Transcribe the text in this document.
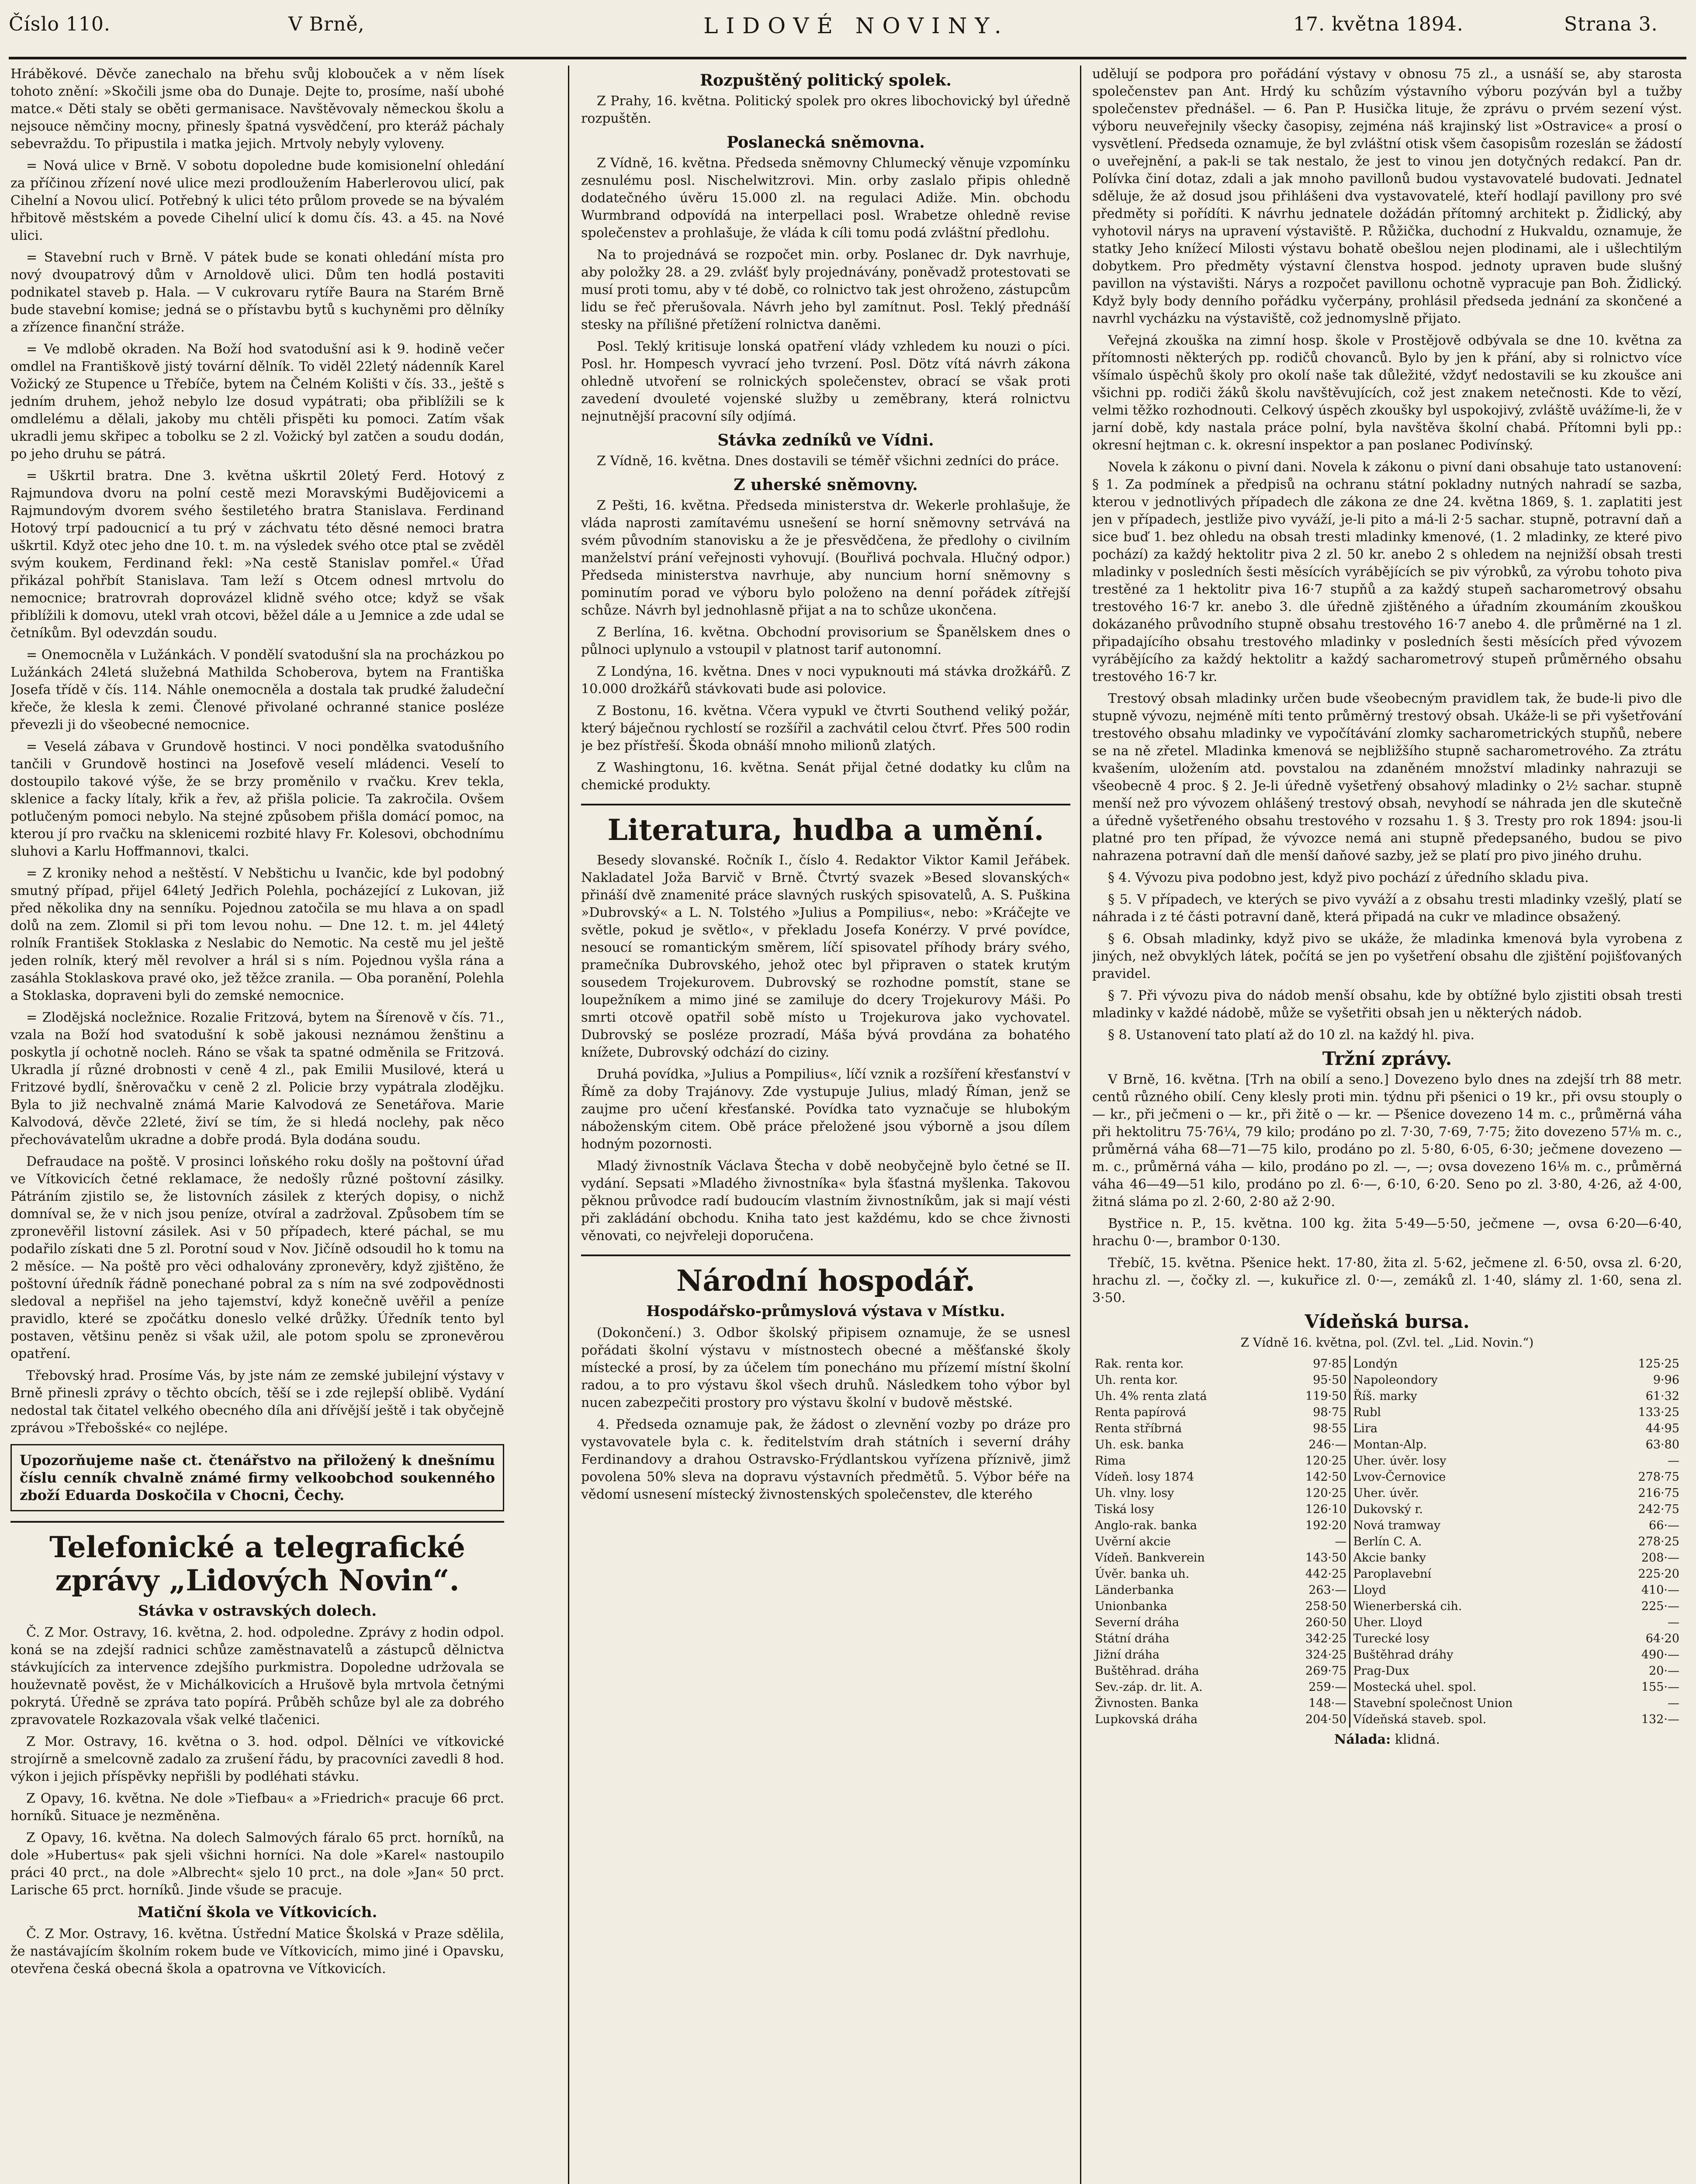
Číslo 110.	V Brně,	LIDOVÉ NOVINY.	17. května 1894.	Strana 3.

Hráběkové. Děvče zanechalo na břehu svůj klobouček a v něm lísek tohoto znění: »Skočili jsme oba do Dunaje. Dejte to, prosíme, naší ubohé matce.« Děti staly se oběti germanisace. Navštěvovaly německou školu a nejsouce němčiny mocny, přinesly špatná vysvědčení, pro kteráž páchaly sebevraždu. To připustila i matka jejich. Mrtvoly nebyly vyloveny.

= Nová ulice v Brně. V sobotu dopoledne bude komisionelní ohledání za příčinou zřízení nové ulice mezi prodloužením Haberlerovou ulicí, pak Cihelní a Novou ulicí. Potřebný k ulici této průlom provede se na bývalém hřbitově městském a povede Cihelní ulicí k domu čís. 43. a 45. na Nové ulici.

= Stavební ruch v Brně. V pátek bude se konati ohledání místa pro nový dvoupatrový dům v Arnoldově ulici. Dům ten hodlá postaviti podnikatel staveb p. Hala. — V cukrovaru rytíře Baura na Starém Brně bude stavební komise; jedná se o přístavbu bytů s kuchyněmi pro dělníky a zřízence finanční stráže.

= Ve mdlobě okraden. Na Boží hod svatodušní asi k 9. hodině večer omdlel na Františkově jistý tovární dělník. To viděl 22letý nádenník Karel Vožický ze Stupence u Třebíče, bytem na Čelném Kolišti v čís. 33., ještě s jedním druhem, jehož nebylo lze dosud vypátrati; oba přiblížili se k omdlelému a dělali, jakoby mu chtěli přispěti ku pomoci. Zatím však ukradli jemu skřipec a tobolku se 2 zl. Vožický byl zatčen a soudu dodán, po jeho druhu se pátrá.

= Uškrtil bratra. Dne 3. května uškrtil 20letý Ferd. Hotový z Rajmundova dvoru na polní cestě mezi Moravskými Budějovicemi a Rajmundovým dvorem svého šestiletého bratra Stanislava. Ferdinand Hotový trpí padoucnicí a tu prý v záchvatu této děsné nemoci bratra uškrtil. Když otec jeho dne 10. t. m. na výsledek svého otce ptal se zvěděl svým koukem, Ferdinand řekl: »Na cestě Stanislav pomřel.« Úřad přikázal pohřbít Stanislava. Tam leží s Otcem odnesl mrtvolu do nemocnice; bratrovrah doprovázel klidně svého otce; když se však přiblížili k domovu, utekl vrah otcovi, běžel dále a u Jemnice a zde udal se četníkům. Byl odevzdán soudu.

= Onemocněla v Lužánkách. V pondělí svatodušní sla na procházkou po Lužánkách 24letá služebná Mathilda Schoberova, bytem na Františka Josefa třídě v čís. 114. Náhle onemocněla a dostala tak prudké žaludeční křeče, že klesla k zemi. Členové přivolané ochranné stanice posléze převezli ji do všeobecné nemocnice.

= Veselá zábava v Grundově hostinci. V noci pondělka svatodušního tančili v Grundově hostinci na Josefově veselí mládenci. Veselí to dostoupilo takové výše, že se brzy proměnilo v rvačku. Krev tekla, sklenice a facky lítaly, křik a řev, až přišla policie. Ta zakročila. Ovšem potlučeným pomoci nebylo. Na stejné způsobem přišla domácí pomoc, na kterou jí pro rvačku na sklenicemi rozbité hlavy Fr. Kolesovi, obchodnímu sluhovi a Karlu Hoffmannovi, tkalci.

= Z kroniky nehod a neštěstí. V Nebštichu u Ivančic, kde byl podobný smutný případ, přijel 64letý Jedřich Polehla, pocházející z Lukovan, již před několika dny na senníku. Pojednou zatočila se mu hlava a on spadl dolů na zem. Zlomil si při tom levou nohu. — Dne 12. t. m. jel 44letý rolník František Stoklaska z Neslabic do Nemotic. Na cestě mu jel ještě jeden rolník, který měl revolver a hrál si s ním. Pojednou vyšla rána a zasáhla Stoklaskova pravé oko, jež těžce zranila. — Oba poranění, Polehla a Stoklaska, dopraveni byli do zemské nemocnice.

= Zlodějská nocležnice. Rozalie Fritzová, bytem na Šírenově v čís. 71., vzala na Boží hod svatodušní k sobě jakousi neznámou ženštinu a poskytla jí ochotně nocleh. Ráno se však ta spatné odměnila se Fritzová. Ukradla jí různé drobnosti v ceně 4 zl., pak Emilii Musilové, která u Fritzové bydlí, šněrovačku v ceně 2 zl. Policie brzy vypátrala zlodějku. Byla to již nechvalně známá Marie Kalvodová ze Senetářova. Marie Kalvodová, děvče 22leté, živí se tím, že si hledá noclehy, pak něco přechovávatelům ukradne a dobře prodá. Byla dodána soudu.

Defraudace na poště. V prosinci loňského roku došly na poštovní úřad ve Vítkovicích četné reklamace, že nedošly různé poštovní zásilky. Pátráním zjistilo se, že listovních zásilek z kterých dopisy, o nichž domníval se, že v nich jsou peníze, otvíral a zadržoval. Způsobem tím se zpronevěřil listovní zásilek. Asi v 50 případech, které páchal, se mu podařilo získati dne 5 zl. Porotní soud v Nov. Jičíně odsoudil ho k tomu na 2 měsíce. — Na poště pro věci odhalovány zpronevěry, když zjištěno, že poštovní úředník řádně ponechané pobral za s ním na své zodpovědnosti sledoval a nepřišel na jeho tajemství, když konečně uvěřil a peníze pravidlo, které se zpočátku doneslo velké drůžky. Úředník tento byl postaven, většinu peněz si však užil, ale potom spolu se zpronevěrou opatření.

Třebovský hrad. Prosíme Vás, by jste nám ze zemské jubilejní výstavy v Brně přinesli zprávy o těchto obcích, těší se i zde rejlepší oblibě. Vydání nedostal tak čitatel velkého obecného díla ani dřívější ještě i tak obyčejně zprávou »Třebošské« co nejlépe.

Upozorňujeme naše ct. čtenářstvo na přiložený k dnešnímu číslu cenník chvalně známé firmy velkoobchod soukenného zboží Eduarda Doskočila v Chocni, Čechy.
Telefonické a telegrafické zprávy „Lidových Novin“.
Stávka v ostravských dolech.

Č. Z Mor. Ostravy, 16. května, 2. hod. odpoledne. Zprávy z hodin odpol. koná se na zdejší radnici schůze zaměstnavatelů a zástupců dělnictva stávkujících za intervence zdejšího purkmistra. Dopoledne udržovala se houževnatě pověst, že v Michálkovicích a Hrušově byla mrtvola četnými pokrytá. Úředně se zpráva tato popírá. Průběh schůze byl ale za dobrého zpravovatele Rozkazovala však velké tlačenici.

Z Mor. Ostravy, 16. května o 3. hod. odpol. Dělníci ve vítkovické strojírně a smelcovně zadalo za zrušení řádu, by pracovníci zavedli 8 hod. výkon i jejich příspěvky nepřišli by podléhati stávku.

Z Opavy, 16. května. Ne dole »Tiefbau« a »Friedrich« pracuje 66 prct. horníků. Situace je nezměněna.

Z Opavy, 16. května. Na dolech Salmových fáralo 65 prct. horníků, na dole »Hubertus« pak sjeli všichni horníci. Na dole »Karel« nastoupilo práci 40 prct., na dole »Albrecht« sjelo 10 prct., na dole »Jan« 50 prct. Larische 65 prct. horníků. Jinde všude se pracuje.

Matiční škola ve Vítkovicích.

Č. Z Mor. Ostravy, 16. května. Ústřední Matice Školská v Praze sdělila, že nastávajícím školním rokem bude ve Vítkovicích, mimo jiné i Opavsku, otevřena česká obecná škola a opatrovna ve Vítkovicích.

Rozpuštěný politický spolek.

Z Prahy, 16. května. Politický spolek pro okres libochovický byl úředně rozpuštěn.

Poslanecká sněmovna.

Z Vídně, 16. května. Předseda sněmovny Chlumecký věnuje vzpomínku zesnulému posl. Nischelwitzrovi. Min. orby zaslalo připis ohledně dodatečného úvěru 15.000 zl. na regulaci Adiže. Min. obchodu Wurmbrand odpovídá na interpellaci posl. Wrabetze ohledně revise společenstev a prohlašuje, že vláda k cíli tomu podá zvláštní předlohu.

Na to projednává se rozpočet min. orby. Poslanec dr. Dyk navrhuje, aby položky 28. a 29. zvlášť byly projednávány, poněvadž protestovati se musí proti tomu, aby v té době, co rolnictvo tak jest ohroženo, zástupcům lidu se řeč přerušovala. Návrh jeho byl zamítnut. Posl. Teklý přednáší stesky na přílišné přetížení rolnictva daněmi.

Posl. Teklý kritisuje lonská opatření vlády vzhledem ku nouzi o píci. Posl. hr. Hompesch vyvrací jeho tvrzení. Posl. Dötz vítá návrh zákona ohledně utvoření se rolnických společenstev, obrací se však proti zavedení dvouleté vojenské služby u zeměbrany, která rolnictvu nejnutnější pracovní síly odjímá.

Stávka zedníků ve Vídni.

Z Vídně, 16. května. Dnes dostavili se téměř všichni zedníci do práce.

Z uherské sněmovny.

Z Pešti, 16. května. Předseda ministerstva dr. Wekerle prohlašuje, že vláda naprosti zamítavému usnešení se horní sněmovny setrvává na svém původním stanovisku a že je přesvědčena, že předlohy o civilním manželství prání veřejnosti vyhovují. (Bouřlivá pochvala. Hlučný odpor.) Předseda ministerstva navrhuje, aby nuncium horní sněmovny s pominutím porad ve výboru bylo položeno na denní pořádek zítřejší schůze. Návrh byl jednohlasně přijat a na to schůze ukončena.

Z Berlína, 16. května. Obchodní provisorium se Španělskem dnes o půlnoci uplynulo a vstoupil v platnost tarif autonomní.

Z Londýna, 16. května. Dnes v noci vypuknouti má stávka drožkářů. Z 10.000 drožkářů stávkovati bude asi polovice.

Z Bostonu, 16. května. Včera vypukl ve čtvrti Southend veliký požár, který báječnou rychlostí se rozšířil a zachvátil celou čtvrť. Přes 500 rodin je bez přístřeší. Škoda obnáší mnoho milionů zlatých.

Z Washingtonu, 16. května. Senát přijal četné dodatky ku clům na chemické produkty.

Literatura, hudba a umění.

Besedy slovanské. Ročník I., číslo 4. Redaktor Viktor Kamil Jeřábek. Nakladatel Joža Barvič v Brně. Čtvrtý svazek »Besed slovanských« přináší dvě znamenité práce slavných ruských spisovatelů, A. S. Puškina »Dubrovský« a L. N. Tolstého »Julius a Pompilius«, nebo: »Kráčejte ve světle, pokud je světlo«, v překladu Josefa Konérzy. V prvé povídce, nesoucí se romantickým směrem, líčí spisovatel příhody bráry svého, pramečníka Dubrovského, jehož otec byl připraven o statek krutým sousedem Trojekurovem. Dubrovský se rozhodne pomstít, stane se loupežníkem a mimo jiné se zamiluje do dcery Trojekurovy Máši. Po smrti otcově opatřil sobě místo u Trojekurova jako vychovatel. Dubrovský se posléze prozradí, Máša bývá provdána za bohatého knížete, Dubrovský odchází do ciziny.

Druhá povídka, »Julius a Pompilius«, líčí vznik a rozšíření křesťanství v Římě za doby Trajánovy. Zde vystupuje Julius, mladý Říman, jenž se zaujme pro učení křesťanské. Povídka tato vyznačuje se hlubokým náboženským citem. Obě práce přeložené jsou výborně a jsou dílem hodným pozornosti.

Mladý živnostník Václava Štecha v době neobyčejně bylo četné se II. vydání. Sepsati »Mladého živnostníka« byla šťastná myšlenka. Takovou pěknou průvodce radí budoucím vlastním živnostníkům, jak si mají vésti při zakládání obchodu. Kniha tato jest každému, kdo se chce živnosti věnovati, co nejvřeleji doporučena.

Národní hospodář.
Hospodářsko-průmyslová výstava v Místku.

(Dokončení.) 3. Odbor školský připisem oznamuje, že se usnesl pořádati školní výstavu v místnostech obecné a měšťanské školy místecké a prosí, by za účelem tím ponecháno mu přízemí místní školní radou, a to pro výstavu škol všech druhů. Následkem toho výbor byl nucen zabezpečiti prostory pro výstavu školní v budově městské.

4. Předseda oznamuje pak, že žádost o zlevnění vozby po dráze pro vystavovatele byla c. k. ředitelstvím drah státních i severní dráhy Ferdinandovy a drahou Ostravsko-Frýdlantskou vyřízena příznivě, jimž povolena 50% sleva na dopravu výstavních předmětů. 5. Výbor béře na vědomí usnesení místecký živnostenských společenstev, dle kterého

udělují se podpora pro pořádání výstavy v obnosu 75 zl., a usnáší se, aby starosta společenstev pan Ant. Hrdý ku schůzím výstavního výboru pozýván byl a tužby společenstev přednášel. — 6. Pan P. Husička lituje, že zprávu o prvém sezení výst. výboru neuveřejnily všecky časopisy, zejména náš krajinský list »Ostravice« a prosí o vysvětlení. Předseda oznamuje, že byl zvláštní otisk všem časopisům rozeslán se žádostí o uveřejnění, a pak-li se tak nestalo, že jest to vinou jen dotyčných redakcí. Pan dr. Polívka činí dotaz, zdali a jak mnoho pavillonů budou vystavovatelé budovati. Jednatel sděluje, že až dosud jsou přihlášeni dva vystavovatelé, kteří hodlají pavillony pro své předměty si pořídíti. K návrhu jednatele dožádán přítomný architekt p. Židlický, aby vyhotovil nárys na upravení výstaviště. P. Růžička, duchodní z Hukvaldu, oznamuje, že statky Jeho knížecí Milosti výstavu bohatě obešlou nejen plodinami, ale i ušlechtilým dobytkem. Pro předměty výstavní členstva hospod. jednoty upraven bude slušný pavillon na výstavišti. Nárys a rozpočet pavillonu ochotně vypracuje pan Boh. Židlický. Když byly body denního pořádku vyčerpány, prohlásil předseda jednání za skončené a navrhl vycházku na výstaviště, což jednomyslně přijato.

Veřejná zkouška na zimní hosp. škole v Prostějově odbývala se dne 10. května za přítomnosti některých pp. rodičů chovanců. Bylo by jen k přání, aby si rolnictvo více všímalo úspěchů školy pro okolí naše tak důležité, vždyť nedostavili se ku zkoušce ani všichni pp. rodiči žáků školu navštěvujících, což jest znakem netečnosti. Kde to vězí, velmi těžko rozhodnouti. Celkový úspěch zkoušky byl uspokojivý, zvláště uvážíme-li, že v jarní době, kdy nastala práce polní, byla navštěva školní chabá. Přítomni byli pp.: okresní hejtman c. k. okresní inspektor a pan poslanec Podivínský.

Novela k zákonu o pivní dani. Novela k zákonu o pivní dani obsahuje tato ustanovení: § 1. Za podmínek a předpisů na ochranu státní pokladny nutných nahradí se sazba, kterou v jednotlivých případech dle zákona ze dne 24. května 1869, §. 1. zaplatiti jest jen v případech, jestliže pivo vyváží, je-li pito a má-li 2·5 sachar. stupně, potravní daň a sice buď 1. bez ohledu na obsah tresti mladinky kmenové, (1. 2 mladinky, ze které pivo pochází) za každý hektolitr piva 2 zl. 50 kr. anebo 2 s ohledem na nejnižší obsah tresti mladinky v posledních šesti měsících vyrábějících se piv výrobků, za výrobu tohoto piva trestěné za 1 hektolitr piva 16·7 stupňů a za každý stupeň sacharometrový obsahu trestového 16·7 kr. anebo 3. dle úředně zjištěného a úřadním zkoumáním zkouškou dokázaného průvodního stupně obsahu trestového 16·7 anebo 4. dle průměrné na 1 zl. připadajícího obsahu trestového mladinky v posledních šesti měsících před vývozem vyrábějícího za každý hektolitr a každý sacharometrový stupeň průměrného obsahu trestového 16·7 kr.

Trestový obsah mladinky určen bude všeobecným pravidlem tak, že bude-li pivo dle stupně vývozu, nejméně míti tento průměrný trestový obsah. Ukáže-li se při vyšetřování trestového obsahu mladinky ve vypočítávání zlomky sacharometrických stupňů, nebere se na ně zřetel. Mladinka kmenová se nejbližšího stupně sacharometrového. Za ztrátu kvašením, uložením atd. povstalou na zdaněném množství mladinky nahrazuji se všeobecně 4 proc. § 2. Je-li úředně vyšetřený obsahový mladinky o 2½ sachar. stupně menší než pro vývozem ohlášený trestový obsah, nevyhodí se náhrada jen dle skutečně a úředně vyšetřeného obsahu trestového v rozsahu 1. § 3. Tresty pro rok 1894: jsou-li platné pro ten případ, že vývozce nemá ani stupně předepsaného, budou se pivo nahrazena potravní daň dle menší daňové sazby, jež se platí pro pivo jiného druhu.

§ 4. Vývozu piva podobno jest, když pivo pochází z úředního skladu piva.

§ 5. V případech, ve kterých se pivo vyváží a z obsahu tresti mladinky vzešlý, platí se náhrada i z té části potravní daně, která připadá na cukr ve mladince obsažený.

§ 6. Obsah mladinky, když pivo se ukáže, že mladinka kmenová byla vyrobena z jiných, než obvyklých látek, počítá se jen po vyšetření obsahu dle zjištění pojišťovaných pravidel.

§ 7. Při vývozu piva do nádob menší obsahu, kde by obtížné bylo zjistiti obsah tresti mladinky v každé nádobě, může se vyšetřiti obsah jen u některých nádob.

§ 8. Ustanovení tato platí až do 10 zl. na každý hl. piva.

Tržní zprávy.

V Brně, 16. května. [Trh na obilí a seno.] Dovezeno bylo dnes na zdejší trh 88 metr. centů různého obilí. Ceny klesly proti min. týdnu při pšenici o 19 kr., při ovsu stouply o — kr., při ječmeni o — kr., při žitě o — kr. — Pšenice dovezeno 14 m. c., průměrná váha při hektolitru 75·76¼, 79 kilo; prodáno po zl. 7·30, 7·69, 7·75; žito dovezeno 57⅛ m. c., průměrná váha 68—71—75 kilo, prodáno po zl. 5·80, 6·05, 6·30; ječmene dovezeno — m. c., průměrná váha — kilo, prodáno po zl. —, —; ovsa dovezeno 16⅛ m. c., průměrná váha 46—49—51 kilo, prodáno po zl. 6·—, 6·10, 6·20. Seno po zl. 3·80, 4·26, až 4·00, žitná sláma po zl. 2·60, 2·80 až 2·90.

Bystřice n. P., 15. května. 100 kg. žita 5·49—5·50, ječmene —, ovsa 6·20—6·40, hrachu 0·—, brambor 0·130.

Třebíč, 15. května. Pšenice hekt. 17·80, žita zl. 5·62, ječmene zl. 6·50, ovsa zl. 6·20, hrachu zl. —, čočky zl. —, kukuřice zl. 0·—, zemáků zl. 1·40, slámy zl. 1·60, sena zl. 3·50.

Vídeňská bursa.
Z Vídně 16. května, pol. (Zvl. tel. „Lid. Novin.“)
Rak. renta kor.	97·85	Londýn	125·25
Uh. renta kor.	95·50	Napoleondory	9·96
Uh. 4% renta zlatá	119·50	Říš. marky	61·32
Renta papírová	98·75	Rubl	133·25
Renta stříbrná	98·55	Lira	44·95
Uh. esk. banka	246·—	Montan-Alp.	63·80
Rima	120·25	Uher. úvěr. losy	—
Vídeň. losy 1874	142·50	Lvov-Černovice	278·75
Uh. vlny. losy	120·25	Uher. úvěr.	216·75
Tiská losy	126·10	Dukovský r.	242·75
Anglo-rak. banka	192·20	Nová tramway	66·—
Uvěrní akcie	—	Berlín C. A.	278·25
Vídeň. Bankverein	143·50	Akcie banky	208·—
Úvěr. banka uh.	442·25	Paroplavební	225·20
Länderbanka	263·—	Lloyd	410·—
Unionbanka	258·50	Wienerberská cih.	225·—
Severní dráha	260·50	Uher. Lloyd	—
Státní dráha	342·25	Turecké losy	64·20
Jižní dráha	324·25	Buštěhrad dráhy	490·—
Buštěhrad. dráha	269·75	Prag-Dux	20·—
Sev.-záp. dr. lit. A.	259·—	Mostecká uhel. spol.	155·—
Živnosten. Banka	148·—	Stavební společnost Union	—
Lupkovská dráha	204·50	Vídeňská staveb. spol.	132·—
Nálada: klidná.
